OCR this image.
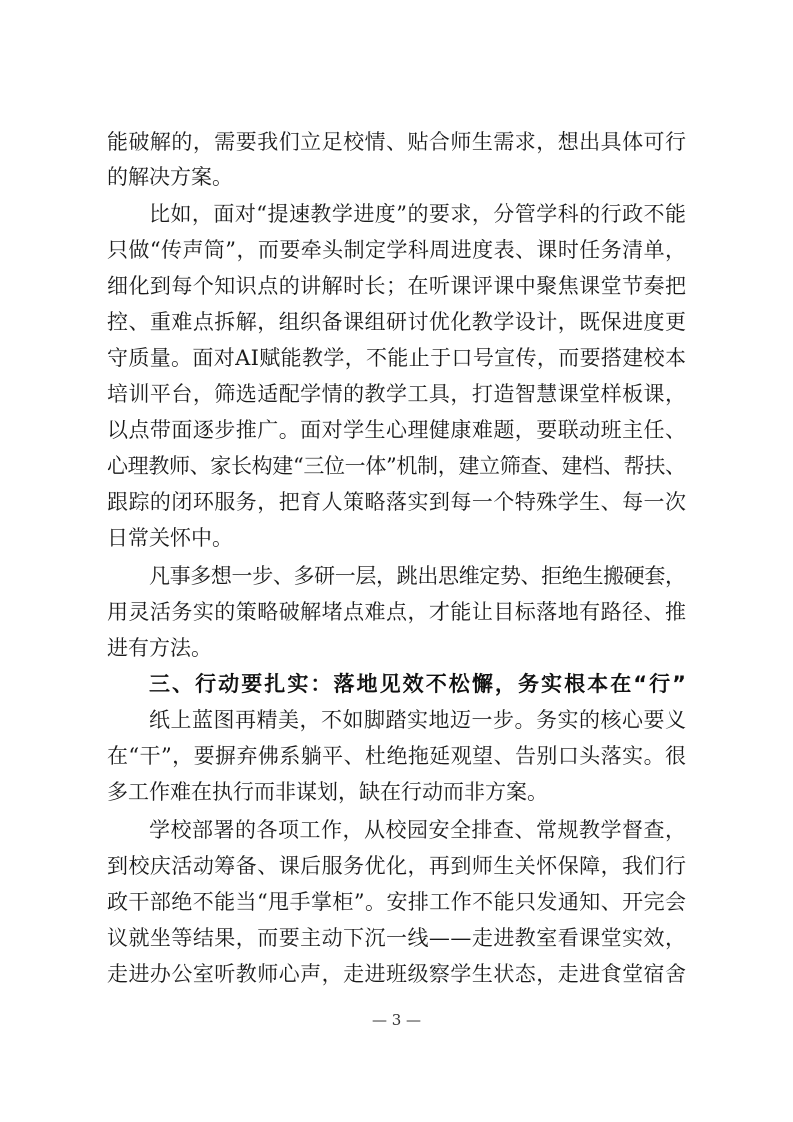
能破解的，需要我们立足校情、贴合师生需求，想出具体可行

的解决方案。

比如，面对“提速教学进度”的要求，分管学科的行政不能

只做“传声筒”，而要牵头制定学科周进度表、课时任务清单，

细化到每个知识点的讲解时长；在听课评课中聚焦课堂节奏把

控、重难点拆解，组织备课组研讨优化教学设计，既保进度更

守质量。面对AI赋能教学，不能止于口号宣传，而要搭建校本

培训平台，筛选适配学情的教学工具，打造智慧课堂样板课，

以点带面逐步推广。面对学生心理健康难题，要联动班主任、

心理教师、家长构建“三位一体”机制，建立筛查、建档、帮扶、

跟踪的闭环服务，把育人策略落实到每一个特殊学生、每一次

日常关怀中。

凡事多想一步、多研一层，跳出思维定势、拒绝生搬硬套，

用灵活务实的策略破解堵点难点，才能让目标落地有路径、推

进有方法。

三、行动要扎实：落地见效不松懈，务实根本在“行”

纸上蓝图再精美，不如脚踏实地迈一步。务实的核心要义

在“干”，要摒弃佛系躺平、杜绝拖延观望、告别口头落实。很

多工作难在执行而非谋划，缺在行动而非方案。

学校部署的各项工作，从校园安全排查、常规教学督查，

到校庆活动筹备、课后服务优化，再到师生关怀保障，我们行

政干部绝不能当“甩手掌柜”。安排工作不能只发通知、开完会

议就坐等结果，而要主动下沉一线——走进教室看课堂实效，

走进办公室听教师心声，走进班级察学生状态，走进食堂宿舍

— 3 —
